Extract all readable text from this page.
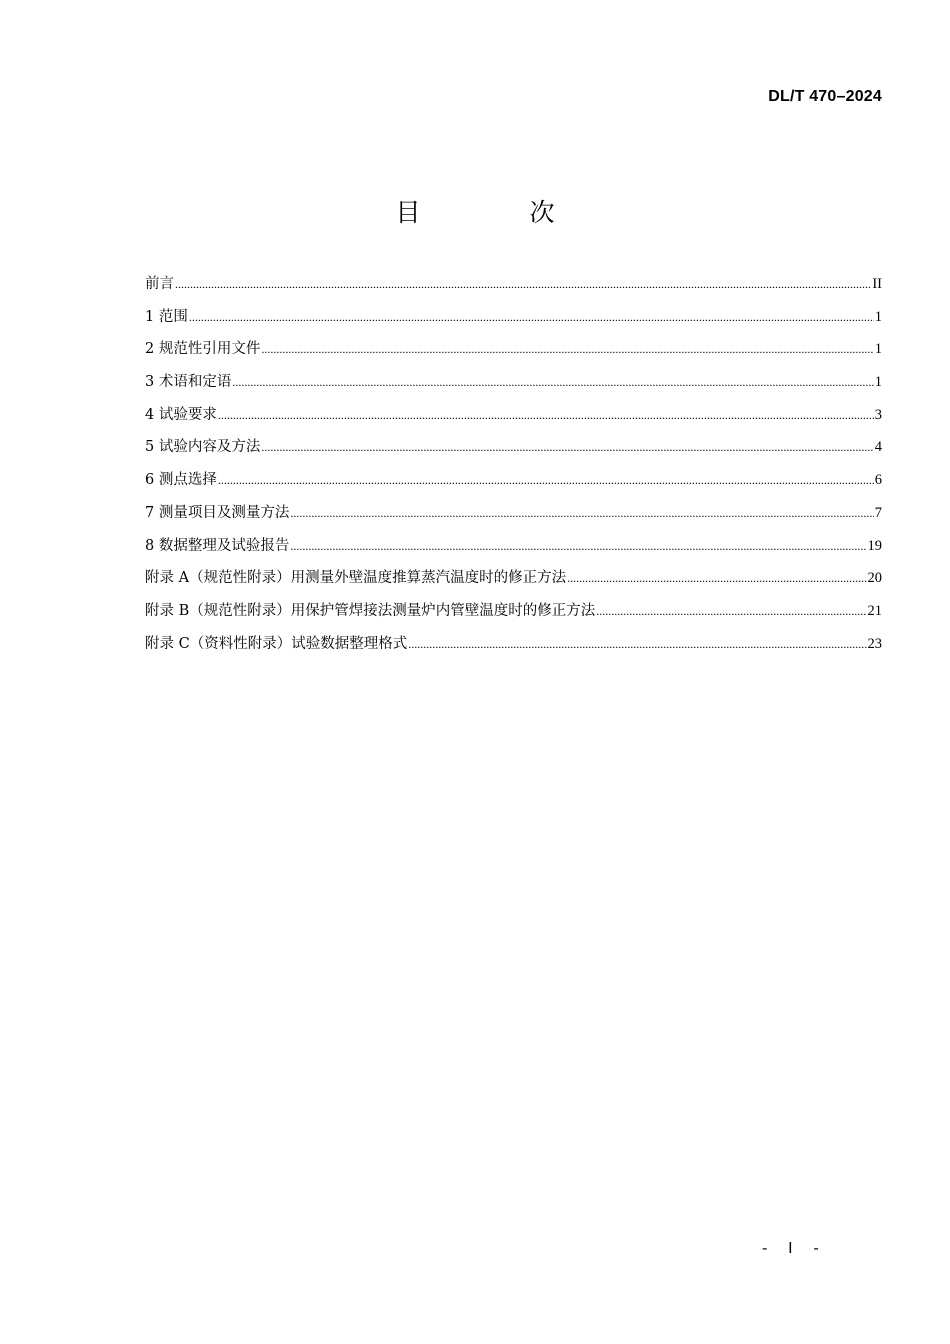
DL/T 470–2024
目　次
前言 .....	II
1 范围 .....	1
2 规范性引用文件 .....	1
3 术语和定语 .....	1
4 试验要求 .....	3
5 试验内容及方法 .....	4
6 测点选择 .....	6
7 测量项目及测量方法 .....	7
8 数据整理及试验报告 .....	19
附录 A（规范性附录）用测量外壁温度推算蒸汽温度时的修正方法 .....	20
附录 B（规范性附录）用保护管焊接法测量炉内管壁温度时的修正方法 .....	21
附录 C（资料性附录）试验数据整理格式 .....	23
- I -
